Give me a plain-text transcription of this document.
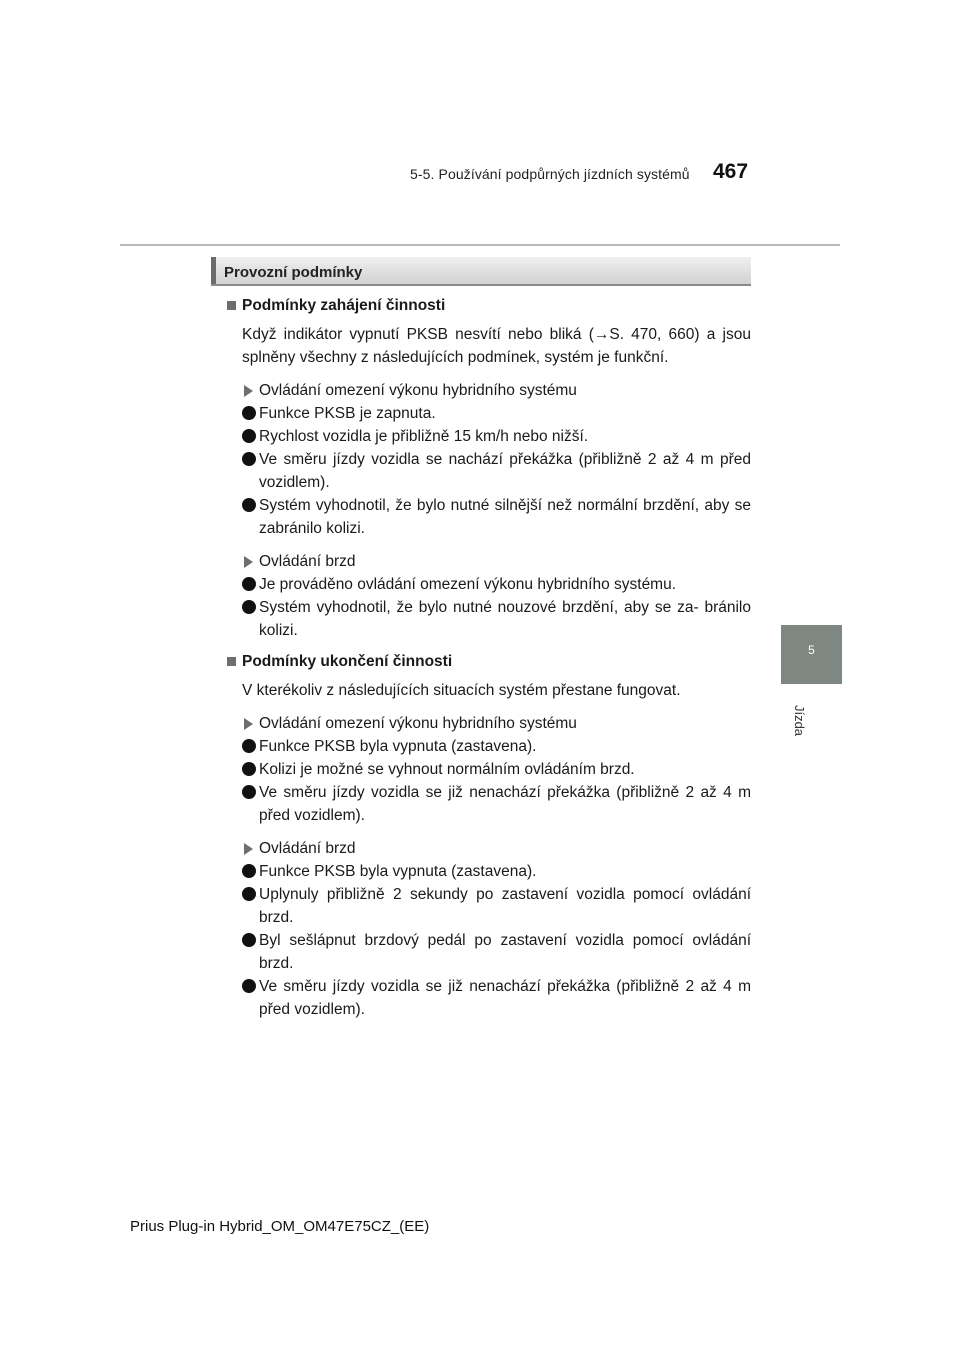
5-5. Používání podpůrných jízdních systémů 467
5
Jízda
Provozní podmínky
Podmínky zahájení činnosti
Když indikátor vypnutí PKSB nesvítí nebo bliká (→S. 470, 660) a jsou splněny všechny z následujících podmínek, systém je funkční.
Ovládání omezení výkonu hybridního systému
Funkce PKSB je zapnuta.
Rychlost vozidla je přibližně 15 km/h nebo nižší.
Ve směru jízdy vozidla se nachází překážka (přibližně 2 až 4 m před vozidlem).
Systém vyhodnotil, že bylo nutné silnější než normální brzdění, aby se zabránilo kolizi.
Ovládání brzd
Je prováděno ovládání omezení výkonu hybridního systému.
Systém vyhodnotil, že bylo nutné nouzové brzdění, aby se za- bránilo kolizi.
Podmínky ukončení činnosti
V kterékoliv z následujících situacích systém přestane fungovat.
Ovládání omezení výkonu hybridního systému
Funkce PKSB byla vypnuta (zastavena).
Kolizi je možné se vyhnout normálním ovládáním brzd.
Ve směru jízdy vozidla se již nenachází překážka (přibližně 2 až 4 m před vozidlem).
Ovládání brzd
Funkce PKSB byla vypnuta (zastavena).
Uplynuly přibližně 2 sekundy po zastavení vozidla pomocí ovládání brzd.
Byl sešlápnut brzdový pedál po zastavení vozidla pomocí ovládání brzd.
Ve směru jízdy vozidla se již nenachází překážka (přibližně 2 až 4 m před vozidlem).
Prius Plug-in Hybrid_OM_OM47E75CZ_(EE)
